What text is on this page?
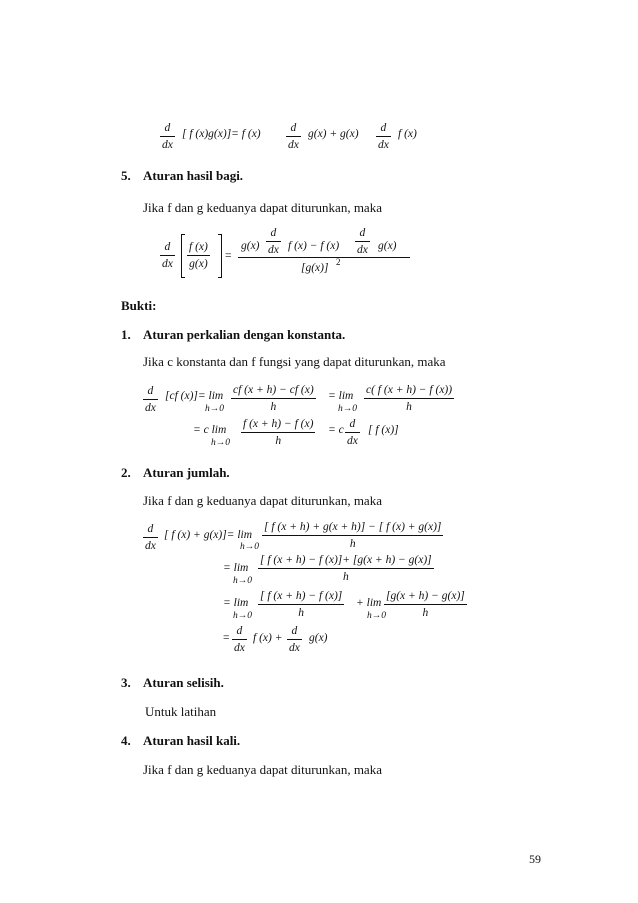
d
dx
[ f (x)g(x)]= f (x)	d
dx
g(x) + g(x)	d
dx
f (x)
5. Aturan hasil bagi.
Jika f dan g keduanya dapat diturunkan, maka
d
dx
f (x)
g(x)
=
g(x)
d
dx f (x) − f (x)
d
dx g(x)
[g(x)] 2
Bukti:
1. Aturan perkalian dengan konstanta.
Jika c konstanta dan f fungsi yang dapat diturunkan, maka
d
dx
[cf (x)]= lim
h→0
cf (x + h) − cf (x)
h
= lim
h→0
c( f (x + h) − f (x))
h
= c lim
h→0
f (x + h) − f (x)
h
= c d
dx
[ f (x)]
2. Aturan jumlah.
Jika f dan g keduanya dapat diturunkan, maka
d
dx
[ f (x) + g(x)]= lim
h→0
[ f (x + h) + g(x + h)] − [ f (x) + g(x)]
h
= lim
h→0
[ f (x + h) − f (x)]+ [g(x + h) − g(x)]
h
= lim
h→0
[ f (x + h) − f (x)]
h
+ lim
h→0
[g(x + h) − g(x)]
h
=
d
dx
f (x) +
d
dx
g(x)
3. Aturan selisih.
Untuk latihan
4. Aturan hasil kali.
Jika f dan g keduanya dapat diturunkan, maka
59
